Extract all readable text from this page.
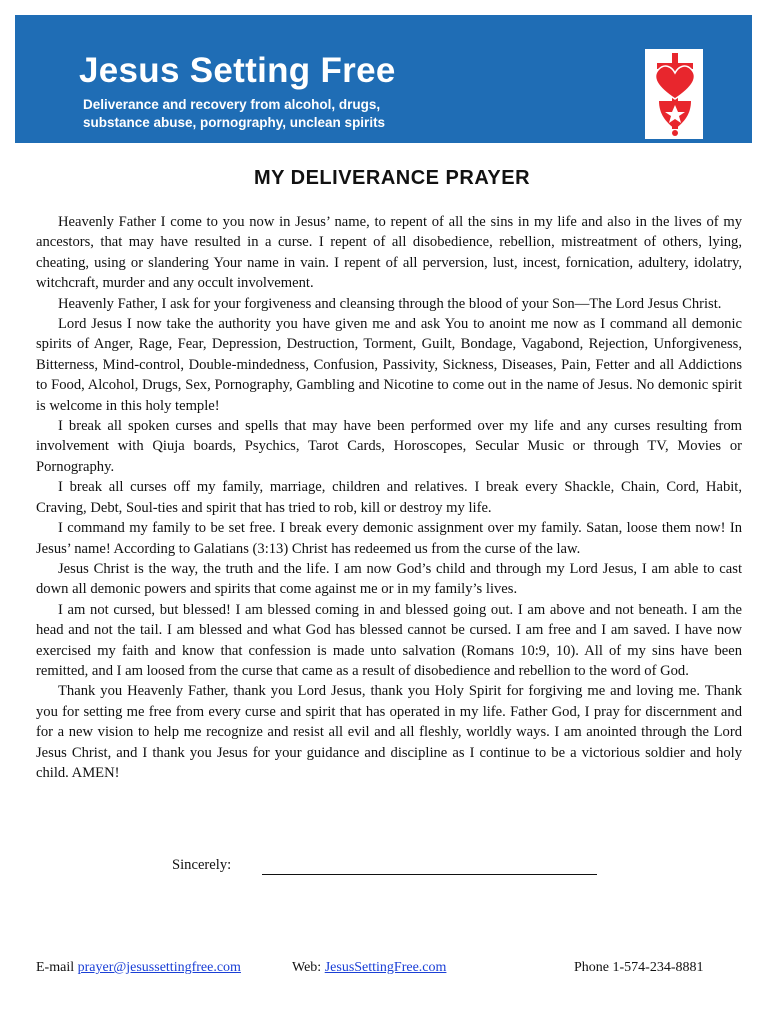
Jesus Setting Free
Deliverance and recovery from alcohol, drugs,
substance abuse, pornography, unclean spirits
MY DELIVERANCE PRAYER

Heavenly Father I come to you now in Jesus’ name, to repent of all the sins in my life and also in the lives of my ancestors, that may have resulted in a curse. I repent of all disobedience, rebellion, mistreatment of others, lying, cheating, using or slandering Your name in vain. I repent of all perversion, lust, incest, fornication, adultery, idolatry, witchcraft, murder and any occult involvement.

Heavenly Father, I ask for your forgiveness and cleansing through the blood of your Son—The Lord Jesus Christ.

Lord Jesus I now take the authority you have given me and ask You to anoint me now as I command all demonic spirits of Anger, Rage, Fear, Depression, Destruction, Torment, Guilt, Bondage, Vagabond, Rejection, Unforgiveness, Bitterness, Mind-control, Double-mindedness, Confusion, Passivity, Sickness, Diseases, Pain, Fetter and all Addictions to Food, Alcohol, Drugs, Sex, Pornography, Gambling and Nicotine to come out in the name of Jesus. No demonic spirit is welcome in this holy temple!

I break all spoken curses and spells that may have been performed over my life and any curses resulting from involvement with Qiuja boards, Psychics, Tarot Cards, Horoscopes, Secular Music or through TV, Movies or Pornography.

I break all curses off my family, marriage, children and relatives. I break every Shackle, Chain, Cord, Habit, Craving, Debt, Soul-ties and spirit that has tried to rob, kill or destroy my life.

I command my family to be set free. I break every demonic assignment over my family. Satan, loose them now! In Jesus’ name! According to Galatians (3:13) Christ has redeemed us from the curse of the law.

Jesus Christ is the way, the truth and the life. I am now God’s child and through my Lord Jesus, I am able to cast down all demonic powers and spirits that come against me or in my family’s lives.

I am not cursed, but blessed! I am blessed coming in and blessed going out. I am above and not beneath. I am the head and not the tail. I am blessed and what God has blessed cannot be cursed. I am free and I am saved. I have now exercised my faith and know that confession is made unto salvation (Romans 10:9, 10). All of my sins have been remitted, and I am loosed from the curse that came as a result of disobedience and rebellion to the word of God.

Thank you Heavenly Father, thank you Lord Jesus, thank you Holy Spirit for forgiving me and loving me. Thank you for setting me free from every curse and spirit that has operated in my life. Father God, I pray for discernment and for a new vision to help me recognize and resist all evil and all fleshly, worldly ways. I am anointed through the Lord Jesus Christ, and I thank you Jesus for your guidance and discipline as I continue to be a victorious soldier and holy child. AMEN!

Sincerely:
E-mail prayer@jesussettingfree.com	Web: JesusSettingFree.com	Phone 1-574-234-8881
